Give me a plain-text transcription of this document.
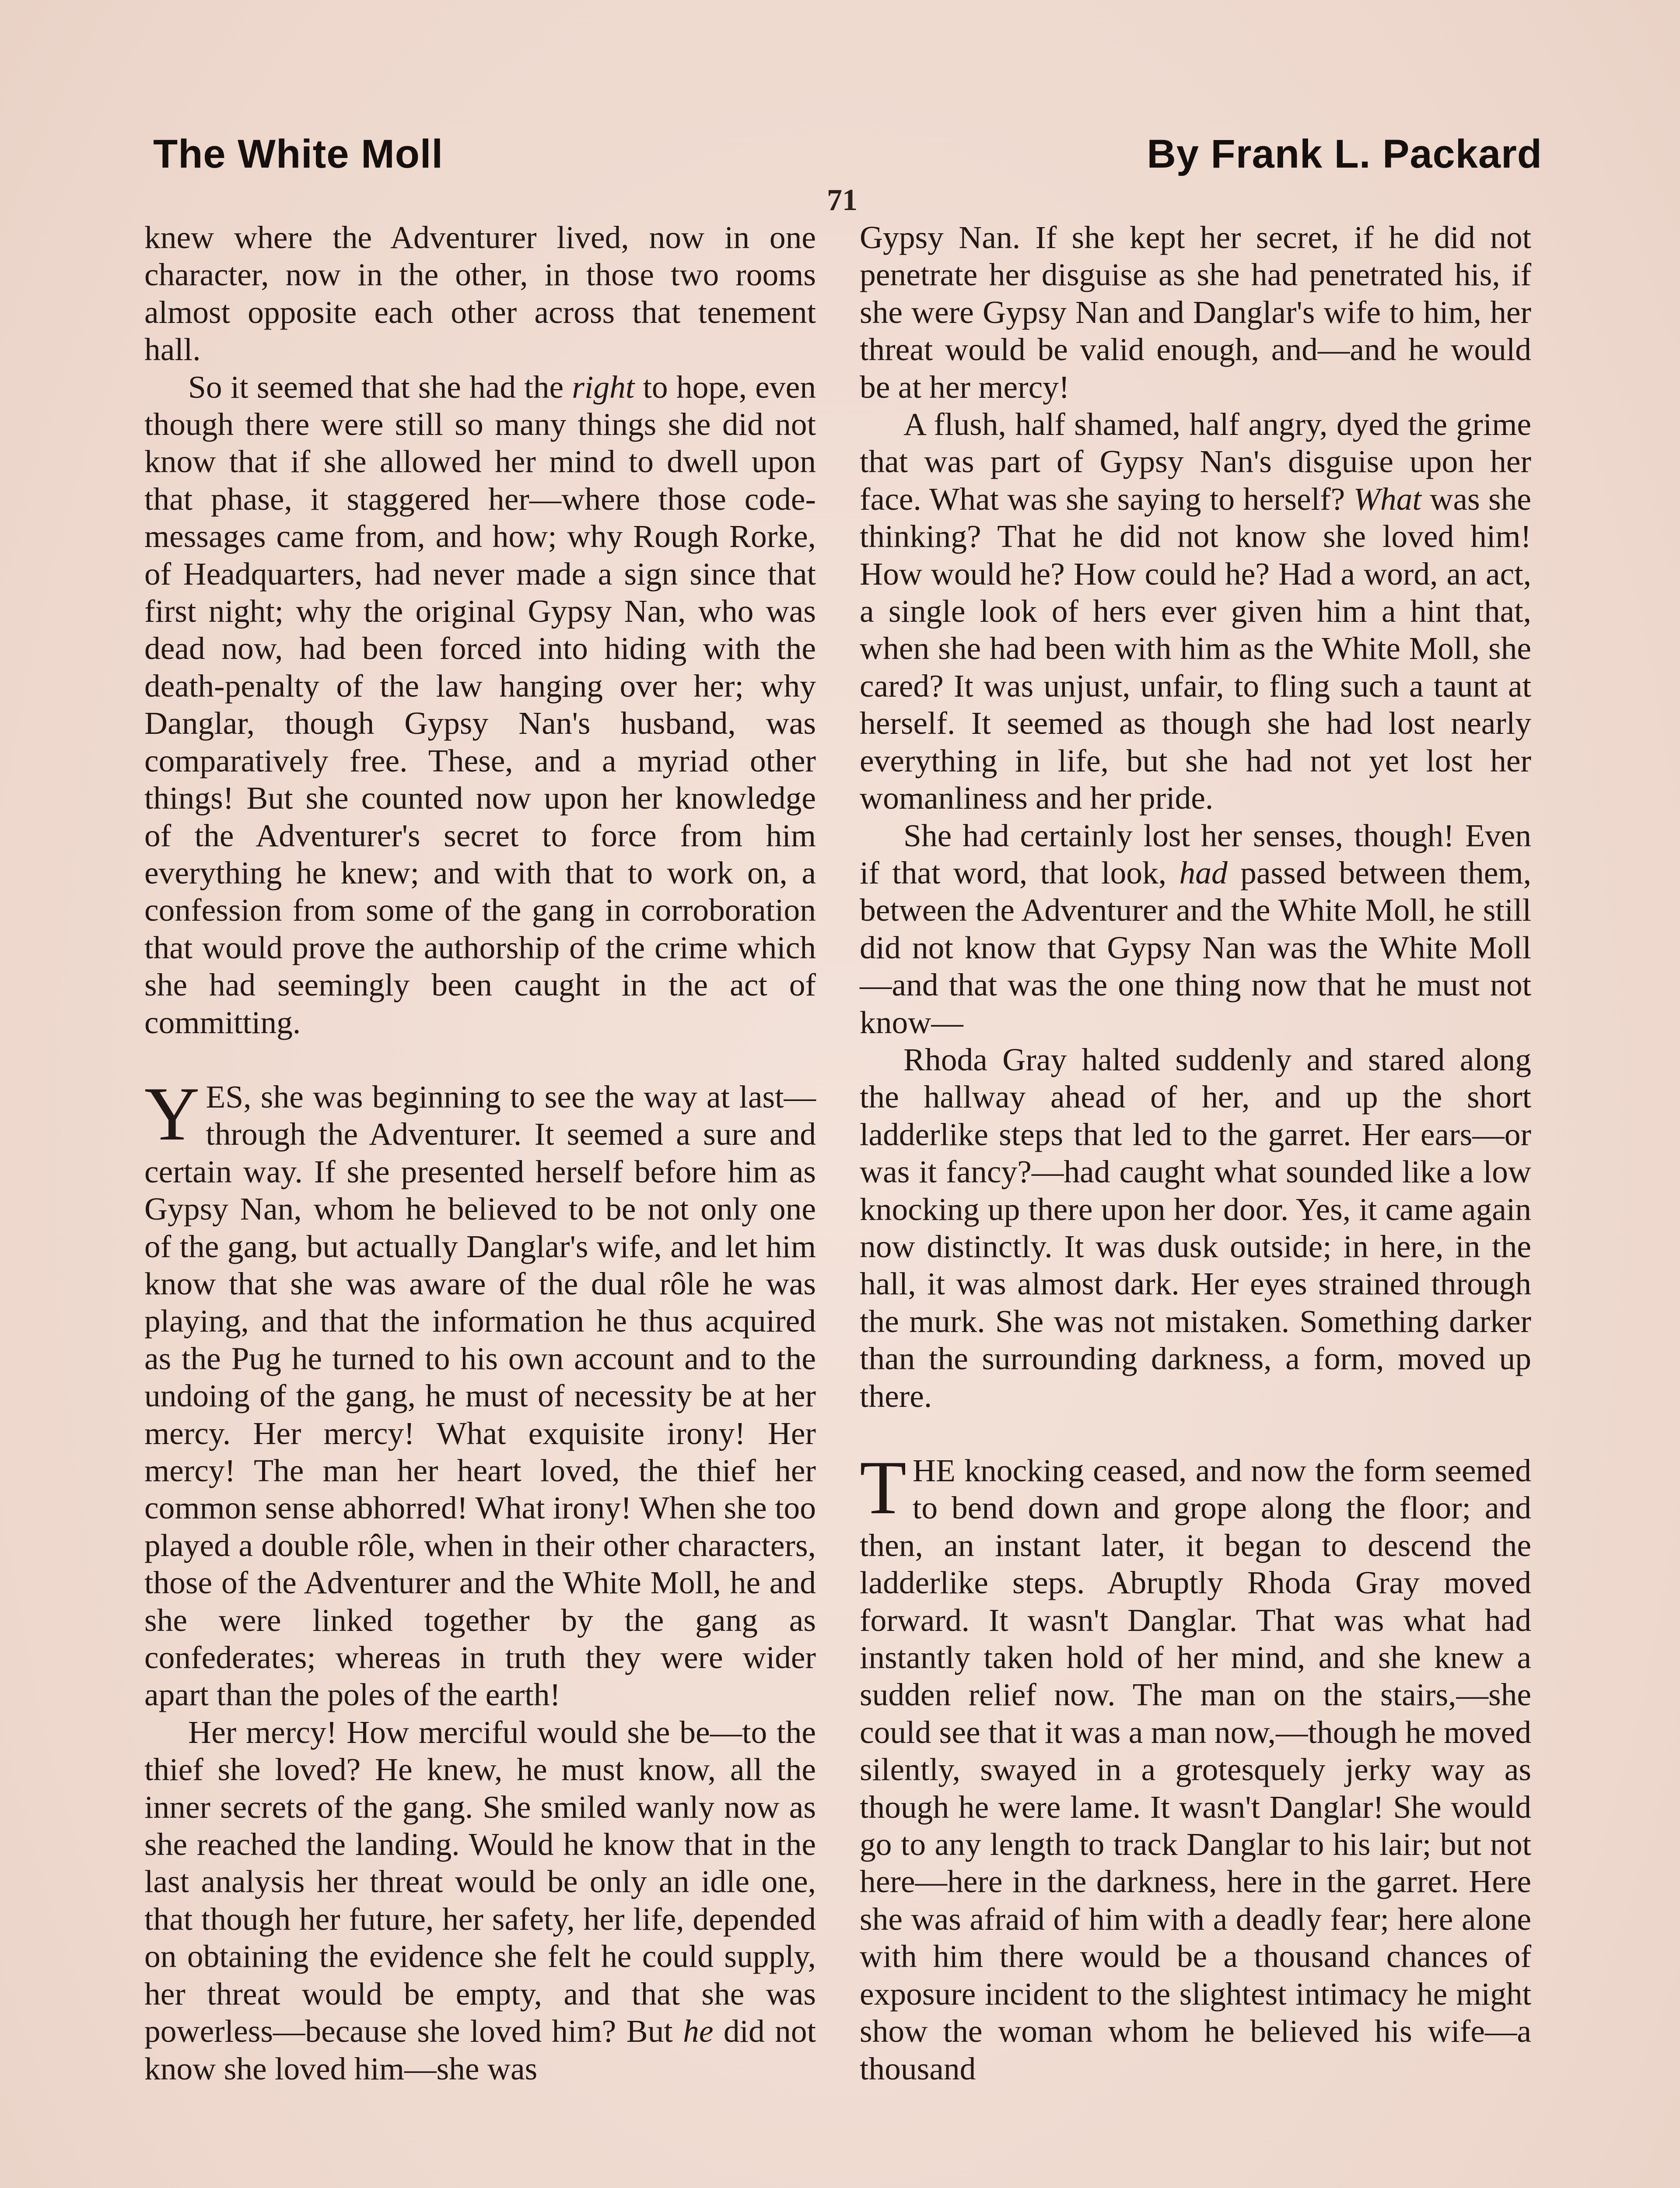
The White Moll	By Frank L. Packard
71

knew where the Adventurer lived, now in one character, now in the other, in those two rooms almost opposite each other across that tenement hall.

So it seemed that she had the right to hope, even though there were still so many things she did not know that if she allowed her mind to dwell upon that phase, it staggered her—where those code-messages came from, and how; why Rough Rorke, of Headquarters, had never made a sign since that first night; why the original Gypsy Nan, who was dead now, had been forced into hiding with the death-penalty of the law hanging over her; why Danglar, though Gypsy Nan's husband, was comparatively free. These, and a myriad other things! But she counted now upon her knowledge of the Adventurer's secret to force from him everything he knew; and with that to work on, a confession from some of the gang in corroboration that would prove the authorship of the crime which she had seemingly been caught in the act of committing.

YES, she was beginning to see the way at last—through the Adventurer. It seemed a sure and certain way. If she presented herself before him as Gypsy Nan, whom he believed to be not only one of the gang, but actually Danglar's wife, and let him know that she was aware of the dual rôle he was playing, and that the information he thus acquired as the Pug he turned to his own account and to the undoing of the gang, he must of necessity be at her mercy. Her mercy! What exquisite irony! Her mercy! The man her heart loved, the thief her common sense abhorred! What irony! When she too played a double rôle, when in their other characters, those of the Adventurer and the White Moll, he and she were linked together by the gang as confederates; whereas in truth they were wider apart than the poles of the earth!

Her mercy! How merciful would she be—to the thief she loved? He knew, he must know, all the inner secrets of the gang. She smiled wanly now as she reached the landing. Would he know that in the last analysis her threat would be only an idle one, that though her future, her safety, her life, depended on obtaining the evidence she felt he could supply, her threat would be empty, and that she was powerless—because she loved him? But he did not know she loved him—she was

Gypsy Nan. If she kept her secret, if he did not penetrate her disguise as she had penetrated his, if she were Gypsy Nan and Danglar's wife to him, her threat would be valid enough, and—and he would be at her mercy!

A flush, half shamed, half angry, dyed the grime that was part of Gypsy Nan's disguise upon her face. What was she saying to herself? What was she thinking? That he did not know she loved him! How would he? How could he? Had a word, an act, a single look of hers ever given him a hint that, when she had been with him as the White Moll, she cared? It was unjust, unfair, to fling such a taunt at herself. It seemed as though she had lost nearly everything in life, but she had not yet lost her womanliness and her pride.

She had certainly lost her senses, though! Even if that word, that look, had passed between them, between the Adventurer and the White Moll, he still did not know that Gypsy Nan was the White Moll—and that was the one thing now that he must not know—

Rhoda Gray halted suddenly and stared along the hallway ahead of her, and up the short ladderlike steps that led to the garret. Her ears—or was it fancy?—had caught what sounded like a low knocking up there upon her door. Yes, it came again now distinctly. It was dusk outside; in here, in the hall, it was almost dark. Her eyes strained through the murk. She was not mistaken. Something darker than the surrounding darkness, a form, moved up there.

THE knocking ceased, and now the form seemed to bend down and grope along the floor; and then, an instant later, it began to descend the ladderlike steps. Abruptly Rhoda Gray moved forward. It wasn't Danglar. That was what had instantly taken hold of her mind, and she knew a sudden relief now. The man on the stairs,—she could see that it was a man now,—though he moved silently, swayed in a grotesquely jerky way as though he were lame. It wasn't Danglar! She would go to any length to track Danglar to his lair; but not here—here in the darkness, here in the garret. Here she was afraid of him with a deadly fear; here alone with him there would be a thousand chances of exposure incident to the slightest intimacy he might show the woman whom he believed his wife—a thousand
